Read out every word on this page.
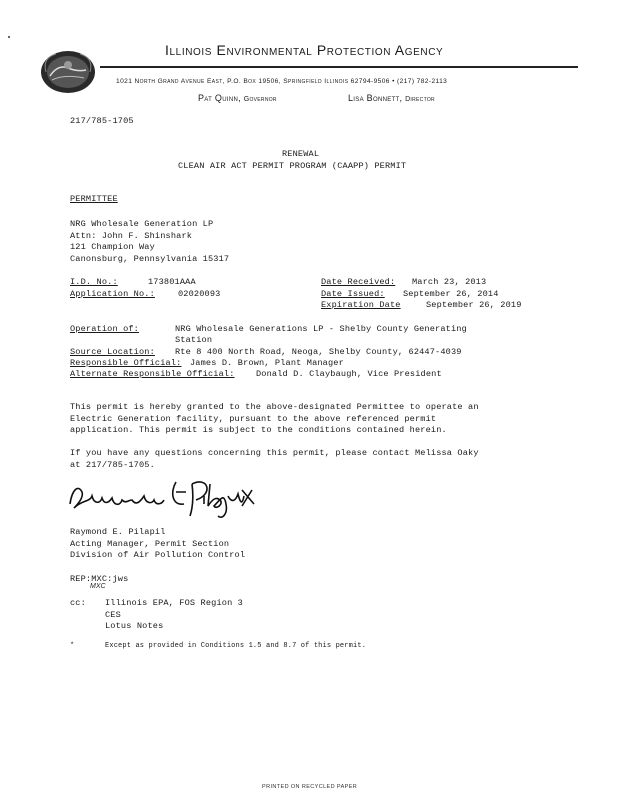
Illinois Environmental Protection Agency
1021 North Grand Avenue East, P.O. Box 19506, Springfield Illinois 62794-9506 • (217) 782-2113
Pat Quinn, Governor	Lisa Bonnett, Director
217/785-1705
RENEWAL
CLEAN AIR ACT PERMIT PROGRAM (CAAPP) PERMIT
PERMITTEE
NRG Wholesale Generation LP
Attn: John F. Shinshark
121 Champion Way
Canonsburg, Pennsylvania 15317
I.D. No.:	173801AAA
Application No.:	02020093
Date Received: March 23, 2013
Date Issued: September 26, 2014
Expiration Date	September 26, 2019
Operation of:	NRG Wholesale Generations LP - Shelby County Generating
Station
Source Location: Rte 8 400 North Road, Neoga, Shelby County, 62447-4039
Responsible Official: James D. Brown, Plant Manager
Alternate Responsible Official: Donald D. Claybaugh, Vice President
This permit is hereby granted to the above-designated Permittee to operate an
Electric Generation facility, pursuant to the above referenced permit
application. This permit is subject to the conditions contained herein.
If you have any questions concerning this permit, please contact Melissa Oaky
at 217/785-1705.
Raymond E. Pilapil
Acting Manager, Permit Section
Division of Air Pollution Control
MXC
REP:MXC:jws
cc: Illinois EPA, FOS Region 3
CES
Lotus Notes
*	Except as provided in Conditions 1.5 and 8.7 of this permit.
PRINTED ON RECYCLED PAPER
